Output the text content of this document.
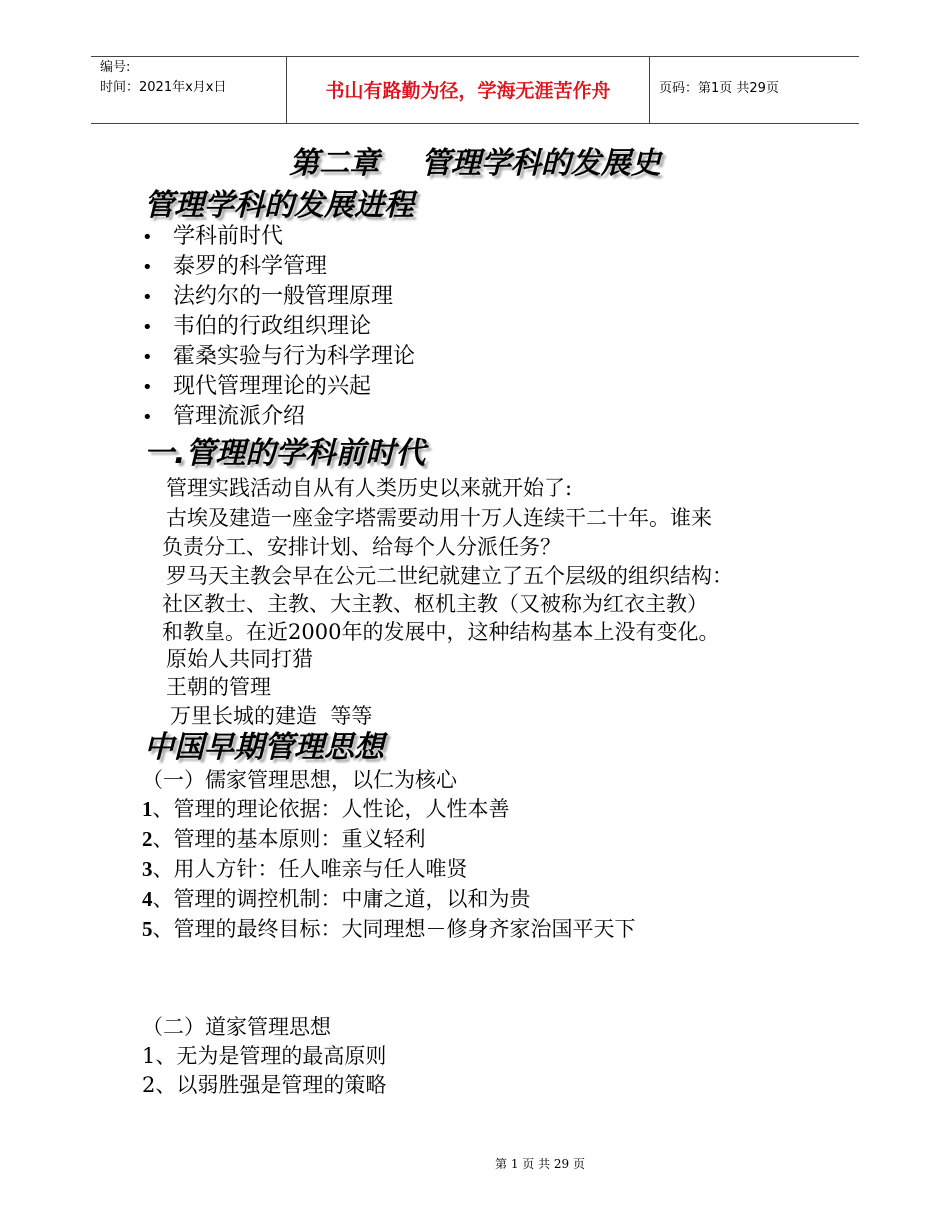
编号:
时间：2021年x月x日	书山有路勤为径，学海无涯苦作舟	页码：第1页 共29页
第二章    管理学科的发展史
管理学科的发展进程
• 学科前时代
• 泰罗的科学管理
• 法约尔的一般管理原理
• 韦伯的行政组织理论
• 霍桑实验与行为科学理论
• 现代管理理论的兴起
• 管理流派介绍
一.管理的学科前时代
管理实践活动自从有人类历史以来就开始了:
古埃及建造一座金字塔需要动用十万人连续干二十年。谁来
负责分工、安排计划、给每个人分派任务？
罗马天主教会早在公元二世纪就建立了五个层级的组织结构：
社区教士、主教、大主教、枢机主教（又被称为红衣主教）
和教皇。在近2000年的发展中，这种结构基本上没有变化。
原始人共同打猎
王朝的管理
万里长城的建造  等等
中国早期管理思想
（一）儒家管理思想，以仁为核心
1、管理的理论依据：人性论，人性本善
2、管理的基本原则：重义轻利
3、用人方针：任人唯亲与任人唯贤
4、管理的调控机制：中庸之道，以和为贵
5、管理的最终目标：大同理想－修身齐家治国平天下
（二）道家管理思想
1、无为是管理的最高原则
2、以弱胜强是管理的策略
第 1 页 共 29 页
